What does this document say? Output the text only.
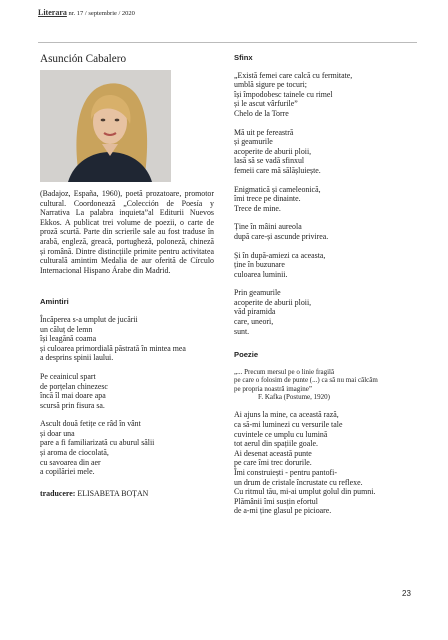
Literara nr. 17 / septembrie / 2020
Asunción Cabalero
(Badajoz, España, 1960), poetă prozatoare, promotor cultural. Coordonează „Colección de Poesía y Narrativa La palabra inquieta”al Editurii Nuevos Ekkos. A publicat trei volume de poezii, o carte de proză scurtă. Parte din scrierile sale au fost traduse în arabă, engleză, greacă, portugheză, poloneză, chineză și română. Dintre distincțiile primite pentru activitatea culturală amintim Medalia de aur oferită de Círculo Internacional Hispano Árabe din Madrid.
Amintiri
Încăperea s-a umplut de jucării
un căluț de lemn
își leagănă coama
și culoarea primordială păstrată în mintea mea
a desprins spinii laului.
Pe ceainicul spart
de porțelan chinezesc
încă îl mai doare apa
scursă prin fisura sa.
Ascult două fetițe ce râd în vânt
și doar una
pare a fi familiarizată cu aburul sălii
și aroma de ciocolată,
cu savoarea din aer
a copilăriei mele.
traducere: ELISABETA BOȚAN
Sfinx
„Există femei care calcă cu fermitate,
umblă sigure pe tocuri;
își împodobesc tainele cu rimel
și le ascut vârfurile”
Chelo de la Torre
Mă uit pe fereastră
și geamurile
acoperite de aburii ploii,
lasă să se vadă sfinxul
femeii care mă sălășluiește.
Enigmatică și cameleonică,
îmi trece pe dinainte.
Trece de mine.
Ține în mâini aureola
după care-și ascunde privirea.
Și în după-amiezi ca aceasta,
ține în buzunare
culoarea luminii.
Prin geamurile
acoperite de aburii ploii,
văd piramida
care, uneori,
sunt.
Poezie
„... Precum mersul pe o linie fragilă
pe care o folosim de punte (...) ca să nu mai călcăm
pe propria noastră imagine”
F. Kafka (Postume, 1920)
Ai ajuns la mine, ca această rază,
ca să-mi luminezi cu versurile tale
cuvintele ce umplu cu lumină
tot aerul din spațiile goale.
Ai desenat această punte
pe care îmi trec dorurile.
Îmi construiești - pentru pantofi-
un drum de cristale încrustate cu reflexe.
Cu ritmul tău, mi-ai umplut golul din pumni.
Plămânii îmi susțin efortul
de a-mi ține glasul pe picioare.
23
